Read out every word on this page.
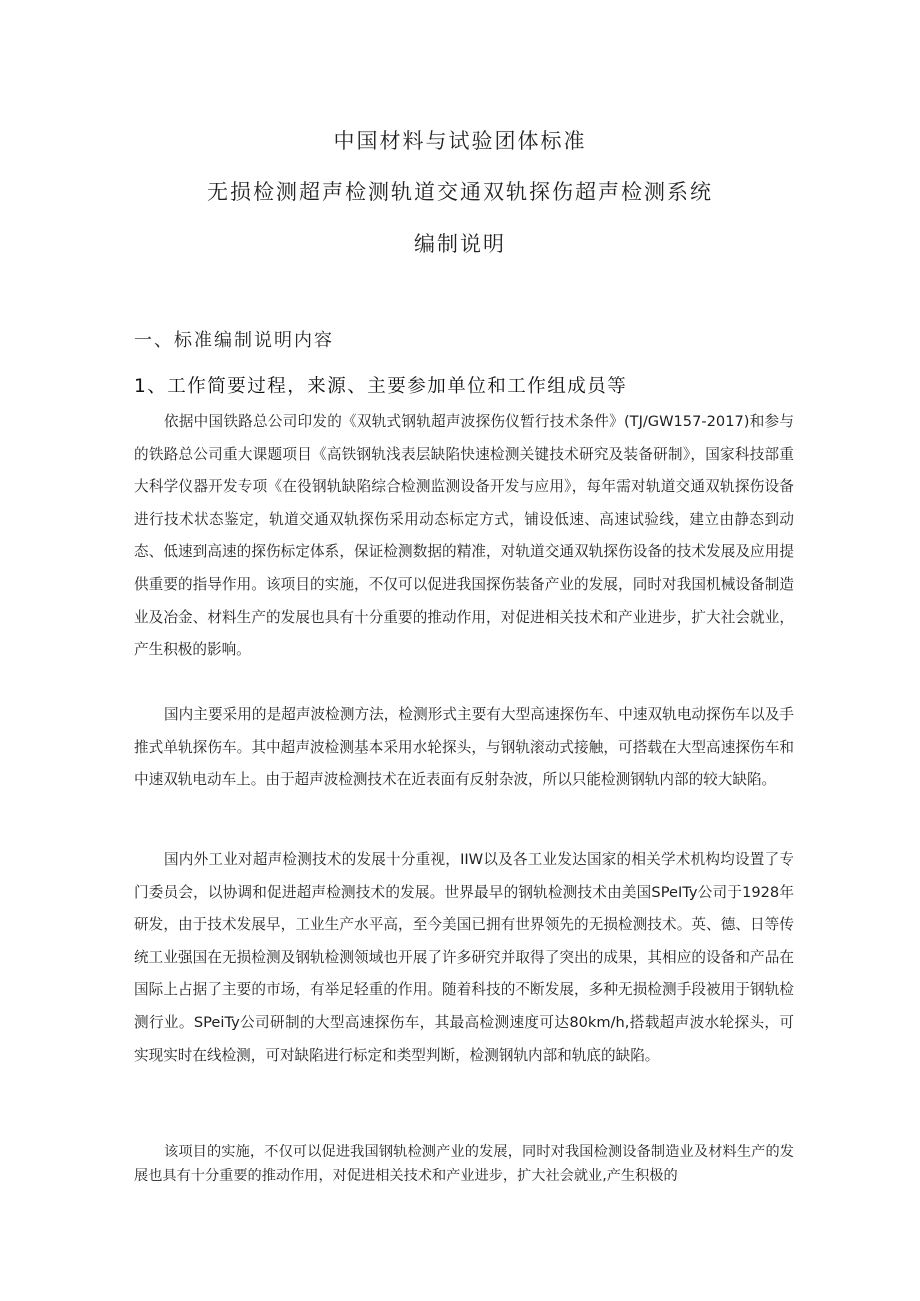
中国材料与试验团体标准
无损检测超声检测轨道交通双轨探伤超声检测系统
编制说明
一、标准编制说明内容
1、工作简要过程，来源、主要参加单位和工作组成员等

依据中国铁路总公司印发的《双轨式钢轨超声波探伤仪暂行技术条件》(TJ/GW157-2017)和参与的铁路总公司重大课题项目《高铁钢轨浅表层缺陷快速检测关键技术研究及装备研制》，国家科技部重大科学仪器开发专项《在役钢轨缺陷综合检测监测设备开发与应用》，每年需对轨道交通双轨探伤设备进行技术状态鉴定，轨道交通双轨探伤采用动态标定方式，铺设低速、高速试验线，建立由静态到动态、低速到高速的探伤标定体系，保证检测数据的精准，对轨道交通双轨探伤设备的技术发展及应用提供重要的指导作用。该项目的实施，不仅可以促进我国探伤装备产业的发展，同时对我国机械设备制造业及冶金、材料生产的发展也具有十分重要的推动作用，对促进相关技术和产业进步，扩大社会就业，产生积极的影响。

国内主要采用的是超声波检测方法，检测形式主要有大型高速探伤车、中速双轨电动探伤车以及手推式单轨探伤车。其中超声波检测基本采用水轮探头，与钢轨滚动式接触，可搭载在大型高速探伤车和中速双轨电动车上。由于超声波检测技术在近表面有反射杂波，所以只能检测钢轨内部的较大缺陷。

国内外工业对超声检测技术的发展十分重视，IIW以及各工业发达国家的相关学术机构均设置了专门委员会，以协调和促进超声检测技术的发展。世界最早的钢轨检测技术由美国SPeITy公司于1928年研发，由于技术发展早，工业生产水平高，至今美国已拥有世界领先的无损检测技术。英、德、日等传统工业强国在无损检测及钢轨检测领域也开展了许多研究并取得了突出的成果，其相应的设备和产品在国际上占据了主要的市场，有举足轻重的作用。随着科技的不断发展，多种无损检测手段被用于钢轨检测行业。SPeiTy公司研制的大型高速探伤车，其最高检测速度可达80km/h,搭载超声波水轮探头，可实现实时在线检测，可对缺陷进行标定和类型判断，检测钢轨内部和轨底的缺陷。

该项目的实施，不仅可以促进我国钢轨检测产业的发展，同时对我国检测设备制造业及材料生产的发展也具有十分重要的推动作用，对促进相关技术和产业进步，扩大社会就业,产生积极的
